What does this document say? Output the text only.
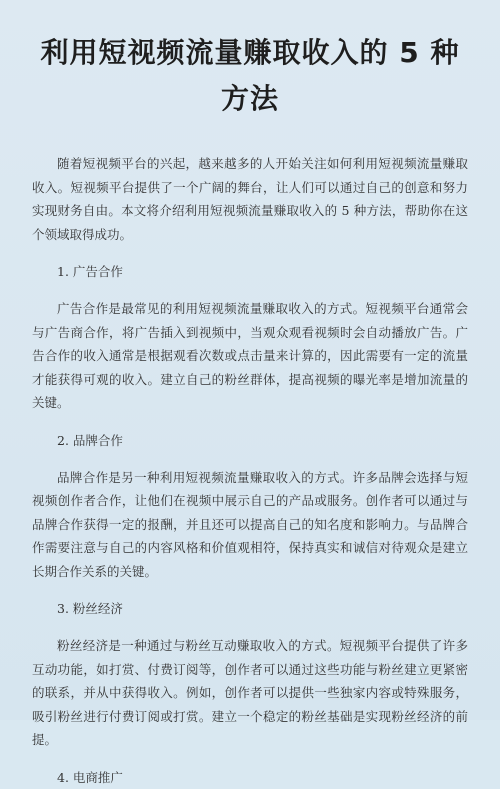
利用短视频流量赚取收入的 5 种方法

随着短视频平台的兴起，越来越多的人开始关注如何利用短视频流量赚取收入。短视频平台提供了一个广阔的舞台，让人们可以通过自己的创意和努力实现财务自由。本文将介绍利用短视频流量赚取收入的 5 种方法，帮助你在这个领域取得成功。

1. 广告合作

广告合作是最常见的利用短视频流量赚取收入的方式。短视频平台通常会与广告商合作，将广告插入到视频中，当观众观看视频时会自动播放广告。广告合作的收入通常是根据观看次数或点击量来计算的，因此需要有一定的流量才能获得可观的收入。建立自己的粉丝群体，提高视频的曝光率是增加流量的关键。

2. 品牌合作

品牌合作是另一种利用短视频流量赚取收入的方式。许多品牌会选择与短视频创作者合作，让他们在视频中展示自己的产品或服务。创作者可以通过与品牌合作获得一定的报酬，并且还可以提高自己的知名度和影响力。与品牌合作需要注意与自己的内容风格和价值观相符，保持真实和诚信对待观众是建立长期合作关系的关键。

3. 粉丝经济

粉丝经济是一种通过与粉丝互动赚取收入的方式。短视频平台提供了许多互动功能，如打赏、付费订阅等，创作者可以通过这些功能与粉丝建立更紧密的联系，并从中获得收入。例如，创作者可以提供一些独家内容或特殊服务，吸引粉丝进行付费订阅或打赏。建立一个稳定的粉丝基础是实现粉丝经济的前提。

4. 电商推广
